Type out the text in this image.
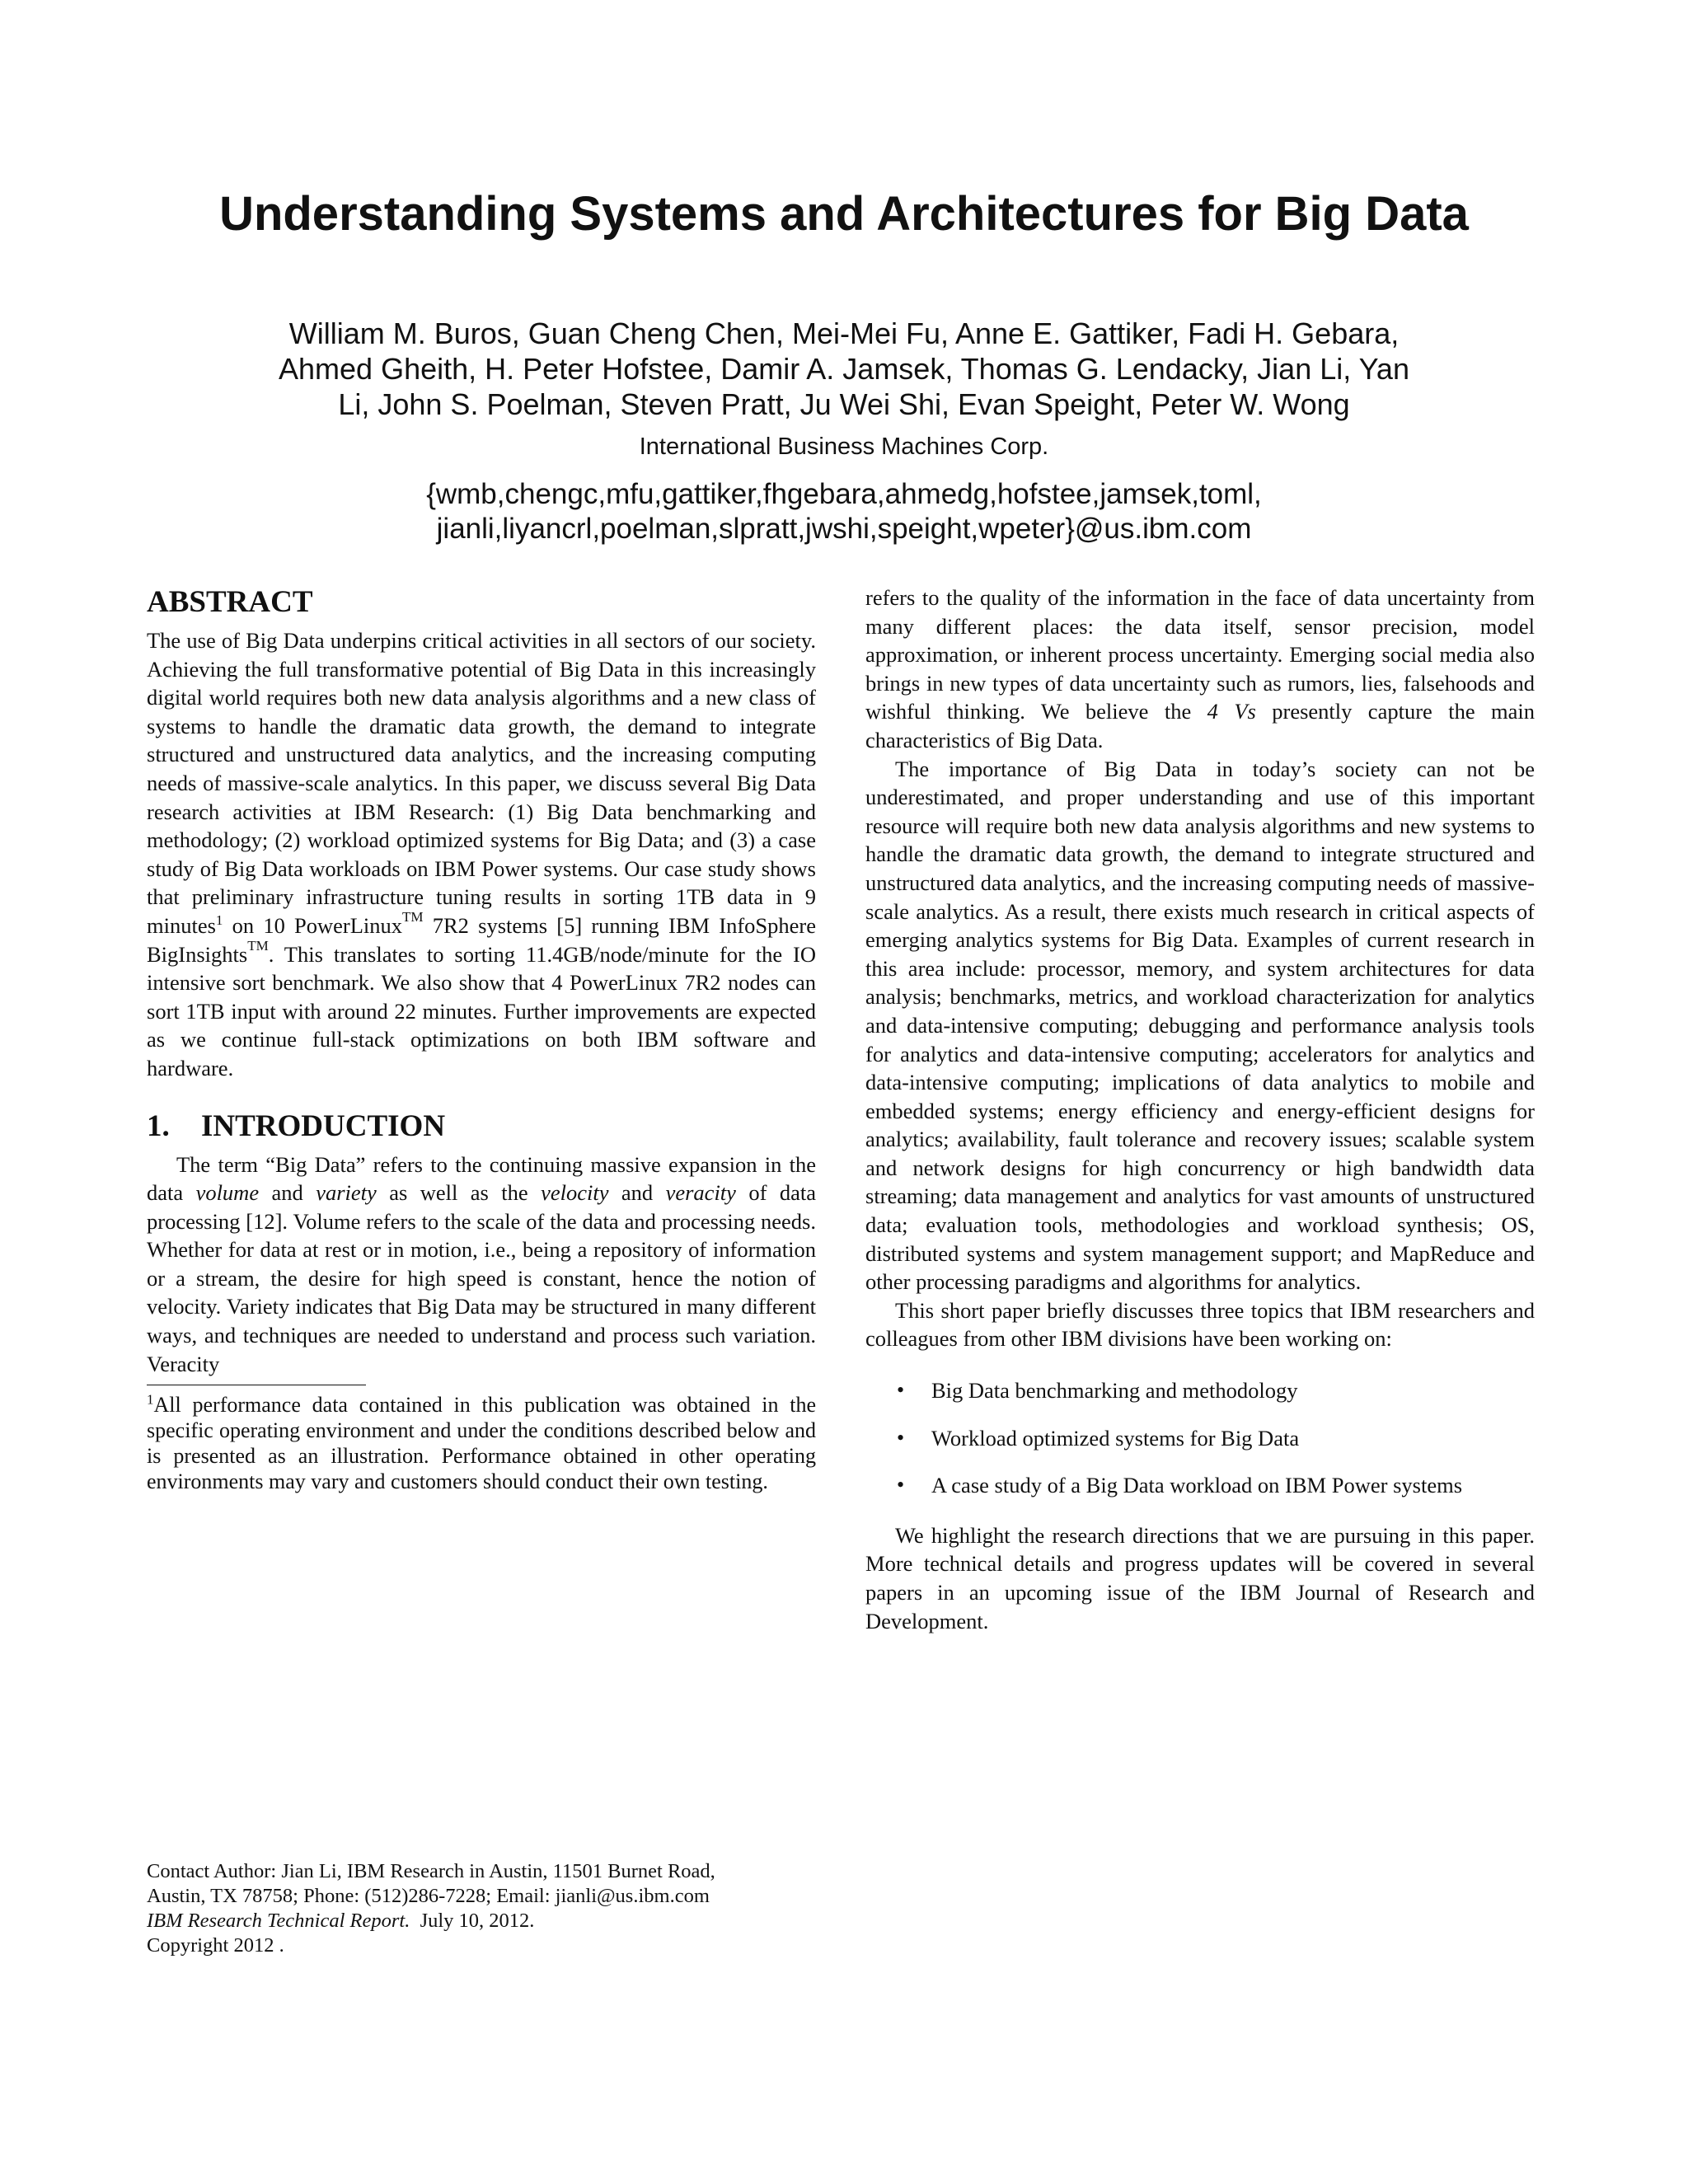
Understanding Systems and Architectures for Big Data
William M. Buros, Guan Cheng Chen, Mei-Mei Fu, Anne E. Gattiker, Fadi H. Gebara,
Ahmed Gheith, H. Peter Hofstee, Damir A. Jamsek, Thomas G. Lendacky, Jian Li, Yan
Li, John S. Poelman, Steven Pratt, Ju Wei Shi, Evan Speight, Peter W. Wong
International Business Machines Corp.
{wmb,chengc,mfu,gattiker,fhgebara,ahmedg,hofstee,jamsek,toml,
jianli,liyancrl,poelman,slpratt,jwshi,speight,wpeter}@us.ibm.com
ABSTRACT

The use of Big Data underpins critical activities in all sectors of our society. Achieving the full transformative potential of Big Data in this increasingly digital world requires both new data analysis algorithms and a new class of systems to handle the dramatic data growth, the demand to integrate structured and unstructured data analytics, and the increasing computing needs of massive-scale analytics. In this paper, we discuss several Big Data research activities at IBM Research: (1) Big Data benchmarking and methodology; (2) workload optimized systems for Big Data; and (3) a case study of Big Data workloads on IBM Power systems. Our case study shows that preliminary infrastructure tuning results in sorting 1TB data in 9 minutes$^1$ on 10 PowerLinux™ 7R2 systems [5] running IBM InfoSphere BigInsights™. This translates to sorting 11.4GB/node/minute for the IO intensive sort benchmark. We also show that 4 PowerLinux 7R2 nodes can sort 1TB input with around 22 minutes. Further improvements are expected as we continue full-stack optimizations on both IBM software and hardware.

1. INTRODUCTION

The term “Big Data” refers to the continuing massive expansion in the data volume and variety as well as the velocity and veracity of data processing [12]. Volume refers to the scale of the data and processing needs. Whether for data at rest or in motion, i.e., being a repository of information or a stream, the desire for high speed is constant, hence the notion of velocity. Variety indicates that Big Data may be structured in many different ways, and techniques are needed to understand and process such variation. Veracity

$^1$All performance data contained in this publication was obtained in the specific operating environment and under the conditions described below and is presented as an illustration. Performance obtained in other operating environments may vary and customers should conduct their own testing.

refers to the quality of the information in the face of data uncertainty from many different places: the data itself, sensor precision, model approximation, or inherent process uncertainty. Emerging social media also brings in new types of data uncertainty such as rumors, lies, falsehoods and wishful thinking. We believe the 4 Vs presently capture the main characteristics of Big Data.

The importance of Big Data in today’s society can not be underestimated, and proper understanding and use of this important resource will require both new data analysis algorithms and new systems to handle the dramatic data growth, the demand to integrate structured and unstructured data analytics, and the increasing computing needs of massive-scale analytics. As a result, there exists much research in critical aspects of emerging analytics systems for Big Data. Examples of current research in this area include: processor, memory, and system architectures for data analysis; benchmarks, metrics, and workload characterization for analytics and data-intensive computing; debugging and performance analysis tools for analytics and data-intensive computing; accelerators for analytics and data-intensive computing; implications of data analytics to mobile and embedded systems; energy efficiency and energy-efficient designs for analytics; availability, fault tolerance and recovery issues; scalable system and network designs for high concurrency or high bandwidth data streaming; data management and analytics for vast amounts of unstructured data; evaluation tools, methodologies and workload synthesis; OS, distributed systems and system management support; and MapReduce and other processing paradigms and algorithms for analytics.

This short paper briefly discusses three topics that IBM researchers and colleagues from other IBM divisions have been working on:

• Big Data benchmarking and methodology
• Workload optimized systems for Big Data
• A case study of a Big Data workload on IBM Power systems

We highlight the research directions that we are pursuing in this paper. More technical details and progress updates will be covered in several papers in an upcoming issue of the IBM Journal of Research and Development.

Contact Author: Jian Li, IBM Research in Austin, 11501 Burnet Road,

Austin, TX 78758; Phone: (512)286-7228; Email: jianli@us.ibm.com

IBM Research Technical Report. July 10, 2012.

Copyright 2012 .
